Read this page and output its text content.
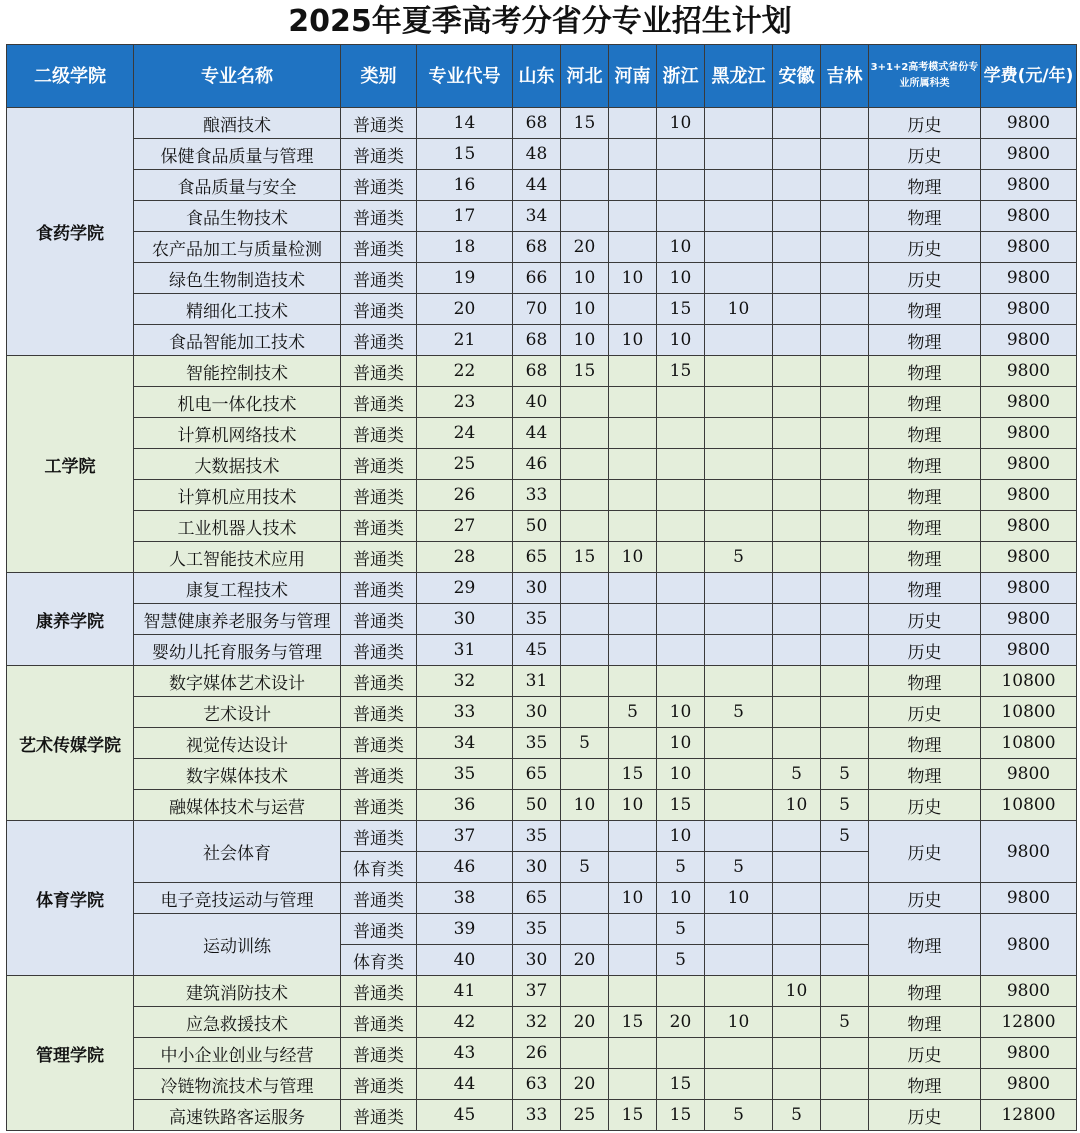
2025年夏季高考分省分专业招生计划
二级学院	专业名称	类别	专业代号	山东	河北	河南	浙江	黑龙江	安徽	吉林	3+1+2高考模式省份专业所属科类	学费(元/年)
食药学院	酿酒技术	普通类	14	68	15		10				历史	9800
	保健食品质量与管理	普通类	15	48							历史	9800
	食品质量与安全	普通类	16	44							物理	9800
	食品生物技术	普通类	17	34							物理	9800
	农产品加工与质量检测	普通类	18	68	20		10				历史	9800
	绿色生物制造技术	普通类	19	66	10	10	10				历史	9800
	精细化工技术	普通类	20	70	10		15	10			物理	9800
	食品智能加工技术	普通类	21	68	10	10	10				物理	9800
工学院	智能控制技术	普通类	22	68	15		15				物理	9800
	机电一体化技术	普通类	23	40							物理	9800
	计算机网络技术	普通类	24	44							物理	9800
	大数据技术	普通类	25	46							物理	9800
	计算机应用技术	普通类	26	33							物理	9800
	工业机器人技术	普通类	27	50							物理	9800
	人工智能技术应用	普通类	28	65	15	10		5			物理	9800
康养学院	康复工程技术	普通类	29	30							物理	9800
	智慧健康养老服务与管理	普通类	30	35							历史	9800
	婴幼儿托育服务与管理	普通类	31	45							历史	9800
艺术传媒学院	数字媒体艺术设计	普通类	32	31							物理	10800
	艺术设计	普通类	33	30		5	10	5			历史	10800
	视觉传达设计	普通类	34	35	5		10				物理	10800
	数字媒体技术	普通类	35	65		15	10		5	5	物理	9800
	融媒体技术与运营	普通类	36	50	10	10	15		10	5	历史	10800
体育学院	社会体育	普通类	37	35			10			5	历史	9800
		体育类	46	30	5		5	5				
	电子竞技运动与管理	普通类	38	65		10	10	10			历史	9800
	运动训练	普通类	39	35			5				物理	9800
		体育类	40	30	20		5					
管理学院	建筑消防技术	普通类	41	37					10		物理	9800
	应急救援技术	普通类	42	32	20	15	20	10		5	物理	12800
	中小企业创业与经营	普通类	43	26							历史	9800
	冷链物流技术与管理	普通类	44	63	20		15				物理	9800
	高速铁路客运服务	普通类	45	33	25	15	15	5	5		历史	12800
